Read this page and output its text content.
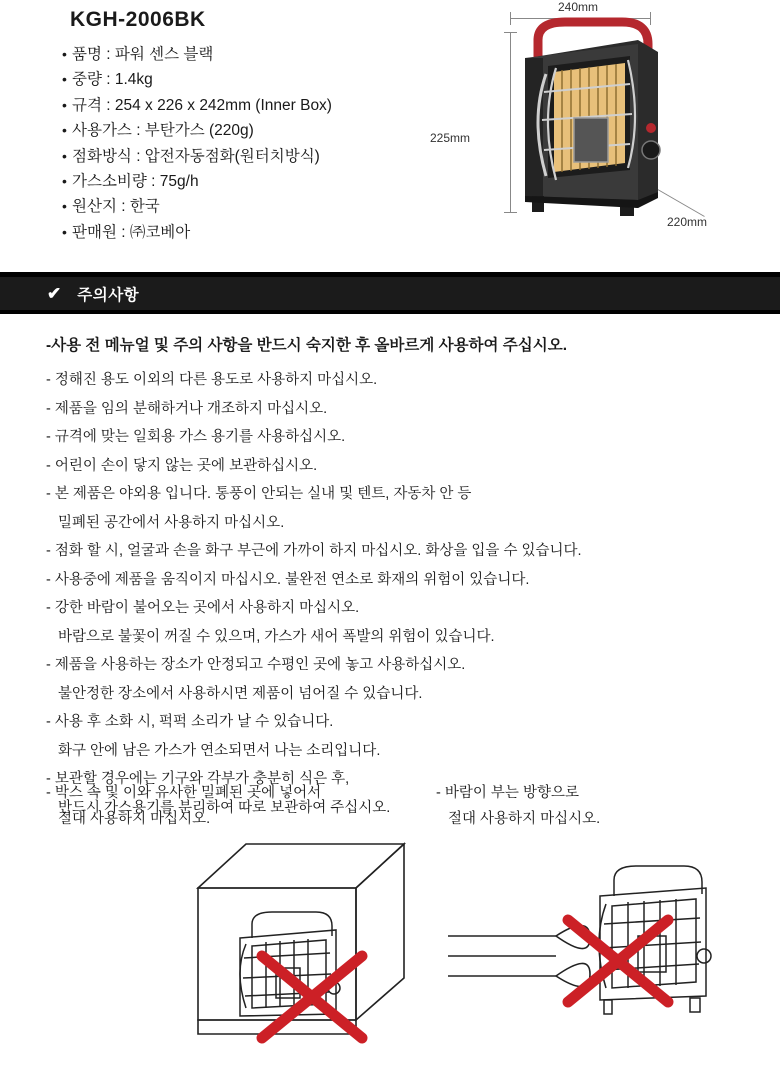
KGH-2006BK
• 품명 : 파워 센스 블랙
• 중량 : 1.4kg
• 규격 : 254 x 226 x 242mm (Inner Box)
• 사용가스 : 부탄가스 (220g)
• 점화방식 : 압전자동점화(원터치방식)
• 가스소비량 : 75g/h
• 원산지 : 한국
• 판매원 : ㈜코베아
240mm
225mm
220mm
✔ 주의사항
-사용 전 메뉴얼 및 주의 사항을 반드시 숙지한 후 올바르게 사용하여 주십시오.
- 정해진 용도 이외의 다른 용도로 사용하지 마십시오.
- 제품을 임의 분해하거나 개조하지 마십시오.
- 규격에 맞는 일회용 가스 용기를 사용하십시오.
- 어린이 손이 닿지 않는 곳에 보관하십시오.
- 본 제품은 야외용 입니다. 통풍이 안되는 실내 및 텐트, 자동차 안 등
밀폐된 공간에서 사용하지 마십시오.
- 점화 할 시, 얼굴과 손을 화구 부근에 가까이 하지 마십시오. 화상을 입을 수 있습니다.
- 사용중에 제품을 움직이지 마십시오. 불완전 연소로 화재의 위험이 있습니다.
- 강한 바람이 불어오는 곳에서 사용하지 마십시오.
바람으로 불꽃이 꺼질 수 있으며, 가스가 새어 폭발의 위험이 있습니다.
- 제품을 사용하는 장소가 안정되고 수평인 곳에 놓고 사용하십시오.
불안정한 장소에서 사용하시면 제품이 넘어질 수 있습니다.
- 사용 후 소화 시, 퍽퍽 소리가 날 수 있습니다.
화구 안에 남은 가스가 연소되면서 나는 소리입니다.
- 보관할 경우에는 기구와 각부가 충분히 식은 후,
반드시 가스용기를 분리하여 따로 보관하여 주십시오.
- 박스 속 및 이와 유사한 밀폐된 곳에 넣어서
절대 사용하지 마십시오.
- 바람이 부는 방향으로
절대 사용하지 마십시오.
